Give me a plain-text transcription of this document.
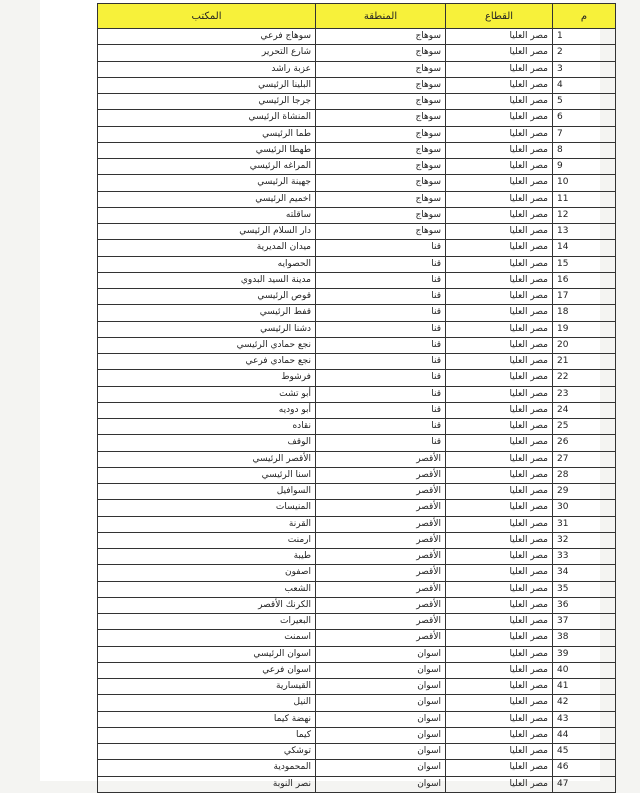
م	القطاع	المنطقة	المكتب
1	مصر العليا	سوهاج	سوهاج فرعي
2	مصر العليا	سوهاج	شارع التحرير
3	مصر العليا	سوهاج	عزبة راشد
4	مصر العليا	سوهاج	البلينا الرئيسي
5	مصر العليا	سوهاج	جرجا الرئيسي
6	مصر العليا	سوهاج	المنشاة الرئيسي
7	مصر العليا	سوهاج	طما الرئيسي
8	مصر العليا	سوهاج	طهطا الرئيسي
9	مصر العليا	سوهاج	المراغه الرئيسي
10	مصر العليا	سوهاج	جهينة الرئيسي
11	مصر العليا	سوهاج	اخميم الرئيسي
12	مصر العليا	سوهاج	ساقلته
13	مصر العليا	سوهاج	دار السلام الرئيسي
14	مصر العليا	قنا	ميدان المديرية
15	مصر العليا	قنا	الحصوايه
16	مصر العليا	قنا	مدينة السيد البدوي
17	مصر العليا	قنا	قوص الرئيسي
18	مصر العليا	قنا	قفط الرئيسي
19	مصر العليا	قنا	دشنا الرئيسي
20	مصر العليا	قنا	نجع حمادي الرئيسي
21	مصر العليا	قنا	نجع حمادي فرعي
22	مصر العليا	قنا	فرشوط
23	مصر العليا	قنا	أبو تشت
24	مصر العليا	قنا	أبو دوديه
25	مصر العليا	قنا	نقاده
26	مصر العليا	قنا	الوقف
27	مصر العليا	الأقصر	الأقصر الرئيسي
28	مصر العليا	الأقصر	اسنا الرئيسي
29	مصر العليا	الأقصر	السوافيل
30	مصر العليا	الأقصر	المنيسات
31	مصر العليا	الأقصر	القرنة
32	مصر العليا	الأقصر	ارمنت
33	مصر العليا	الأقصر	طيبة
34	مصر العليا	الأقصر	اصفون
35	مصر العليا	الأقصر	الشعب
36	مصر العليا	الأقصر	الكرنك الأقصر
37	مصر العليا	الأقصر	البعيرات
38	مصر العليا	الأقصر	اسمنت
39	مصر العليا	اسوان	اسوان الرئيسي
40	مصر العليا	اسوان	اسوان فرعي
41	مصر العليا	اسوان	القيسارية
42	مصر العليا	اسوان	النيل
43	مصر العليا	اسوان	نهضة كيما
44	مصر العليا	اسوان	كيما
45	مصر العليا	اسوان	توشكي
46	مصر العليا	اسوان	المحمودية
47	مصر العليا	اسوان	نصر النوبة
